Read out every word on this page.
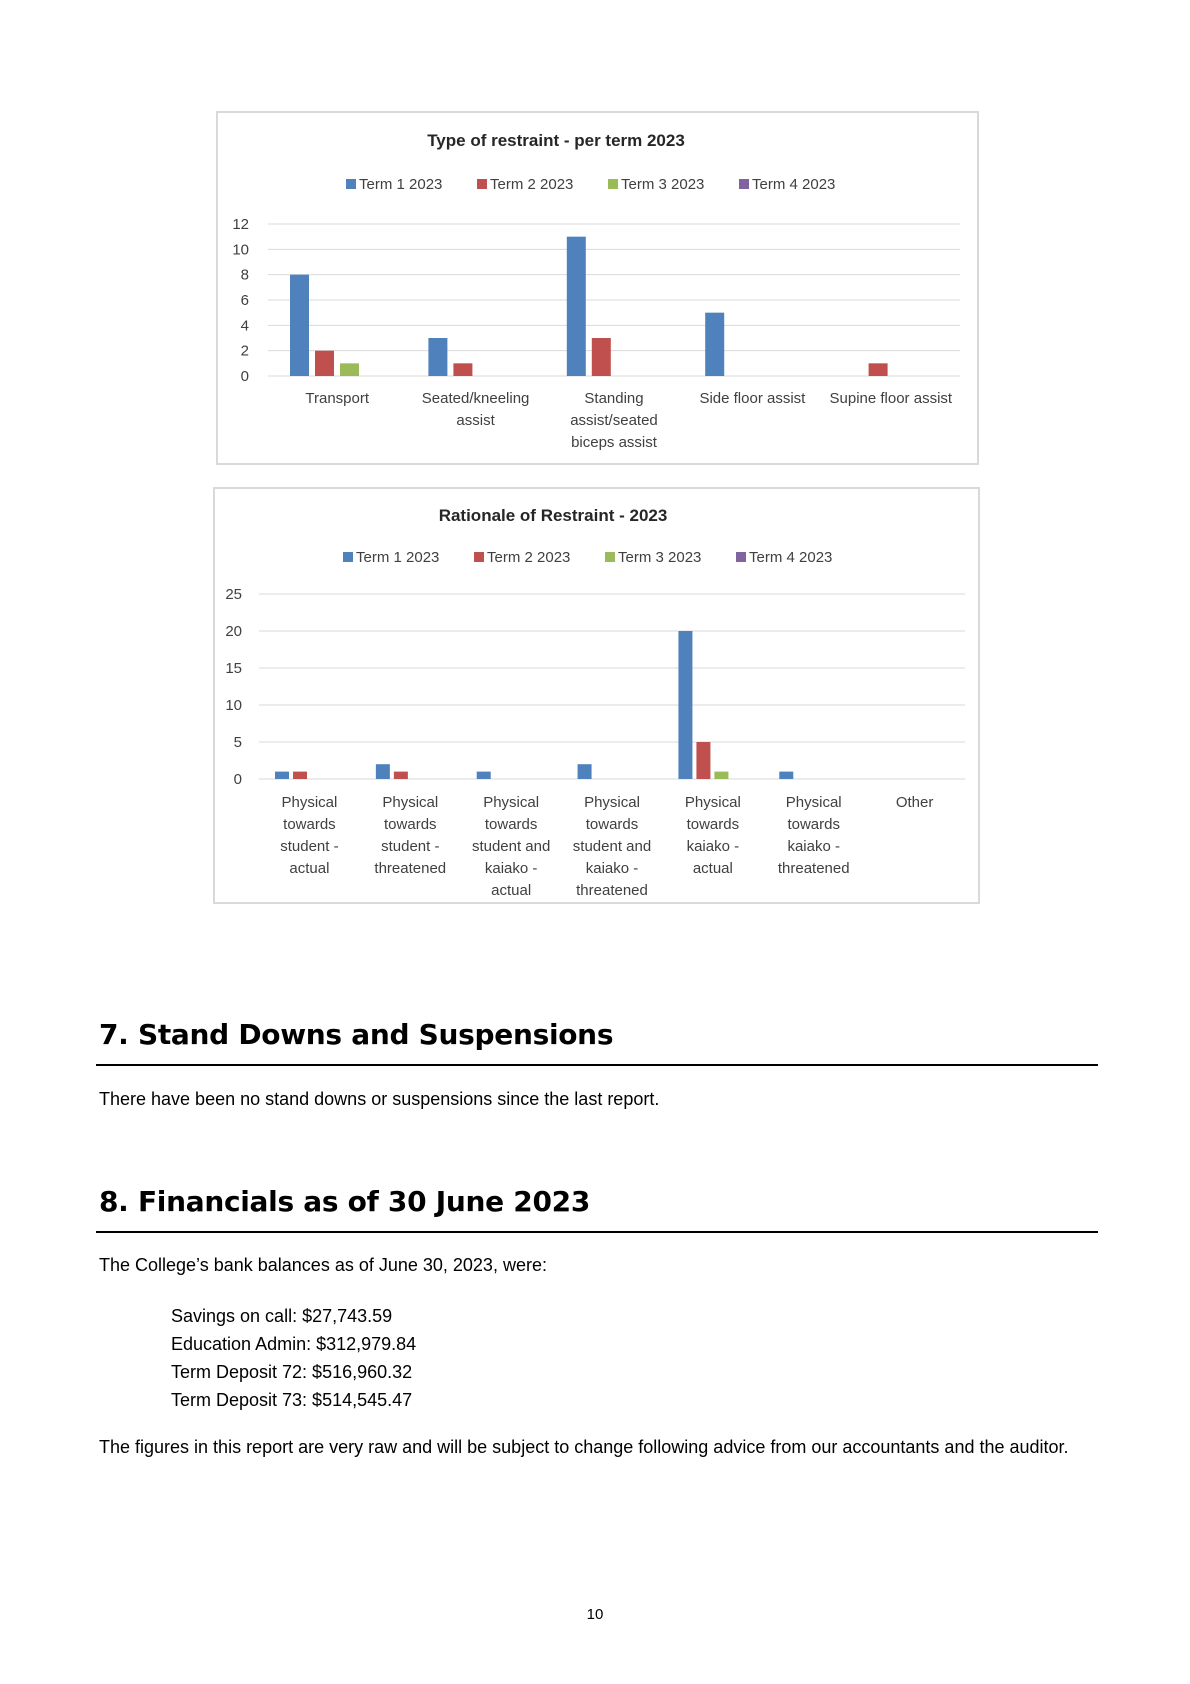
Type of restraint - per term 2023
Term 1 2023	Term 2 2023	Term 3 2023	Term 4 2023
0
2
4
6
8
10
12
Transport	Seated/kneeling assist
Standing assist/seated biceps assist
Side floor assist Supine floor assist
Rationale of Restraint - 2023
Term 1 2023	Term 2 2023	Term 3 2023	Term 4 2023
0
5
10
15
20
25
Physical towards student -actual
Physical towards student -threatened
Physical towards student and kaiako -actual
Physical towards student and kaiako -threatened
Physical towards kaiako -actual
Physical towards kaiako -threatened
Other
7. Stand Downs and Suspensions

There have been no stand downs or suspensions since the last report.

8. Financials as of 30 June 2023

The College’s bank balances as of June 30, 2023, were:

Savings on call: $27,743.59
Education Admin: $312,979.84
Term Deposit 72: $516,960.32
Term Deposit 73: $514,545.47

The figures in this report are very raw and will be subject to change following advice from our accountants and the auditor.

10
